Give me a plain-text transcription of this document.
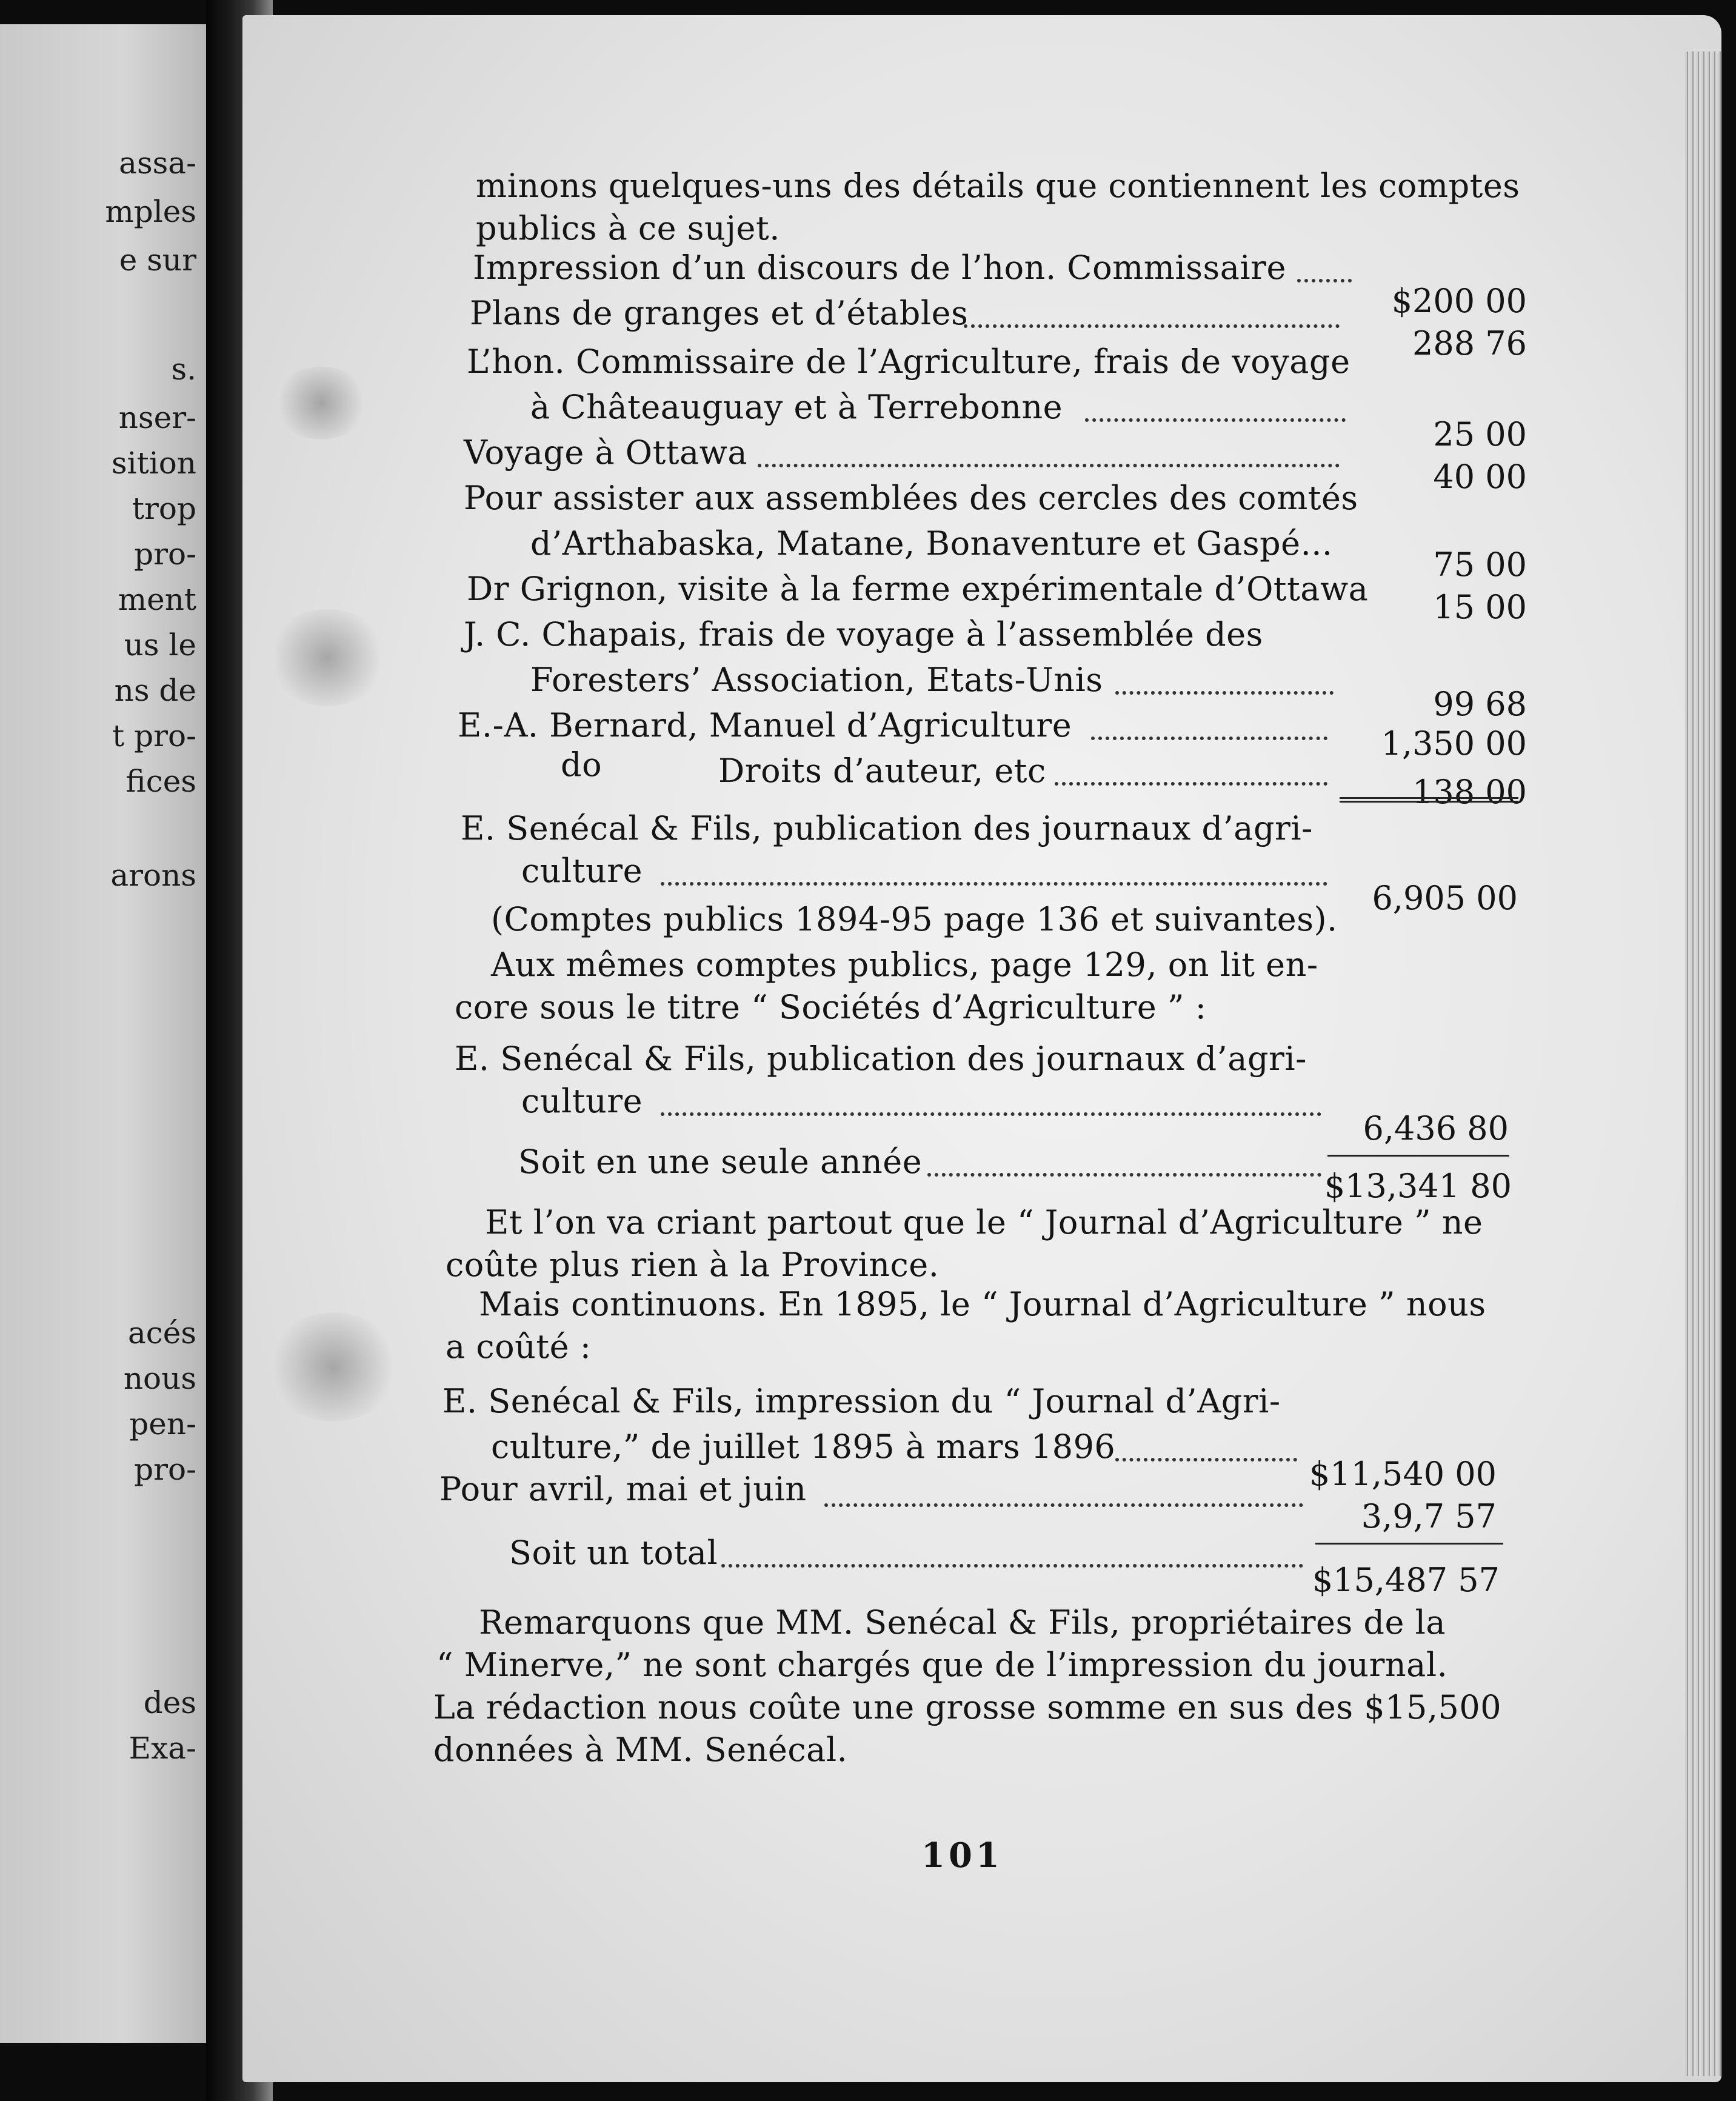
assa-
mples
e sur
s.
nser-
sition
trop
pro-
ment
us le
ns de
t pro-
fices
arons
acés
nous
pen-
pro-
des
Exa-
minons quelques-uns des détails que contiennent les comptes
publics à ce sujet.
E. Senécal & Fils, publication des journaux d’agri-
culture
6,905 00
(Comptes publics 1894-95 page 136 et suivantes).
Aux mêmes comptes publics, page 129, on lit en-
core sous le titre “ Sociétés d’Agriculture ” :
E. Senécal & Fils, publication des journaux d’agri-
culture
6,436 80
Soit en une seule année
$13,341 80
Et l’on va criant partout que le “ Journal d’Agriculture ” ne
coûte plus rien à la Province.
Mais continuons. En 1895, le “ Journal d’Agriculture ” nous
a coûté :
E. Senécal & Fils, impression du “ Journal d’Agri-
culture,” de juillet 1895 à mars 1896
$11,540 00
Pour avril, mai et juin
3,9,7 57
Soit un total
$15,487 57
Remarquons que MM. Senécal & Fils, propriétaires de la
“ Minerve,” ne sont chargés que de l’impression du journal.
La rédaction nous coûte une grosse somme en sus des $15,500
données à MM. Senécal.
101
Impression d’un discours de l’hon. Commissaire
$200 00
Plans de granges et d’étables
288 76
L’hon. Commissaire de l’Agriculture, frais de voyage
à Châteauguay et à Terrebonne
25 00
Voyage à Ottawa
40 00
Pour assister aux assemblées des cercles des comtés
d’Arthabaska, Matane, Bonaventure et Gaspé...
75 00
Dr Grignon, visite à la ferme expérimentale d’Ottawa 15 00
J. C. Chapais, frais de voyage à l’assemblée des
Foresters’ Association, Etats-Unis
99 68
E.-A. Bernard, Manuel d’Agriculture	1,350 00
Droits d’auteur, etc
do
138 00
